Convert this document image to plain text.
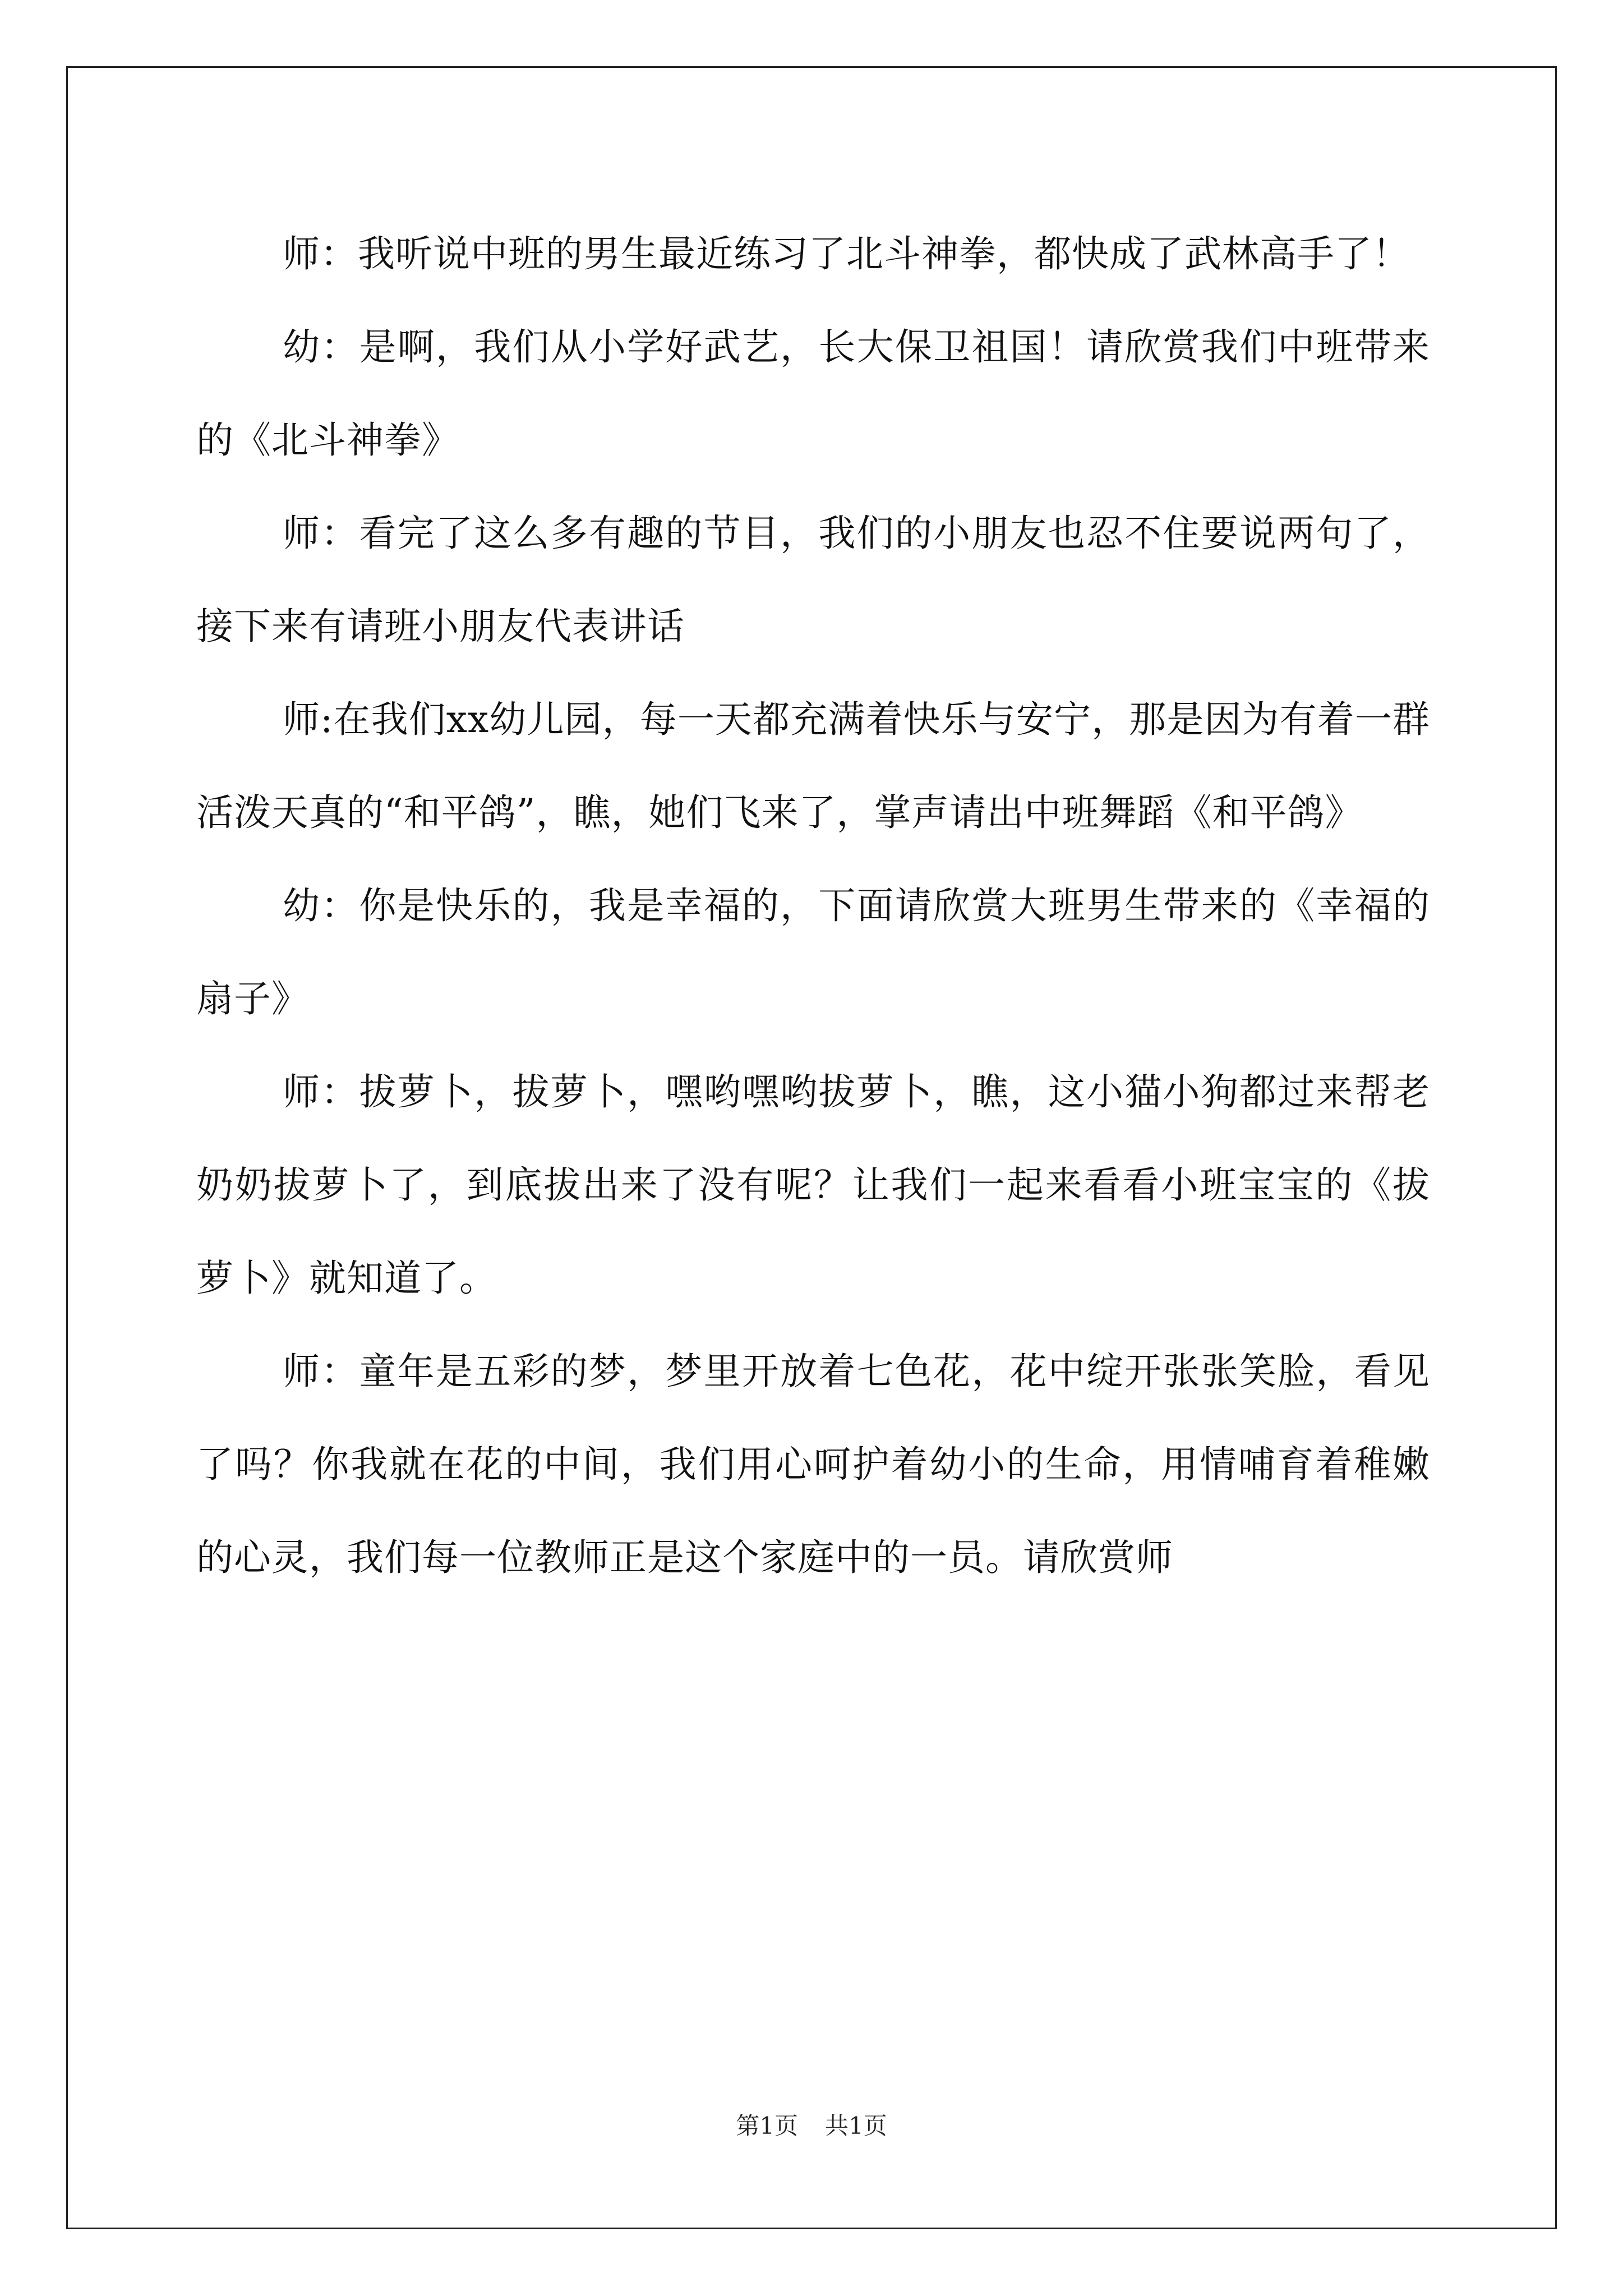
师：我听说中班的男生最近练习了北斗神拳，都快成了武林高手了！

幼：是啊，我们从小学好武艺，长大保卫祖国！请欣赏我们中班带来的《北斗神拳》

师：看完了这么多有趣的节目，我们的小朋友也忍不住要说两句了，接下来有请班小朋友代表讲话

师:在我们xx幼儿园，每一天都充满着快乐与安宁，那是因为有着一群活泼天真的“和平鸽”，瞧，她们飞来了，掌声请出中班舞蹈《和平鸽》

幼：你是快乐的，我是幸福的，下面请欣赏大班男生带来的《幸福的扇子》

师：拔萝卜，拔萝卜，嘿哟嘿哟拔萝卜，瞧，这小猫小狗都过来帮老奶奶拔萝卜了，到底拔出来了没有呢？让我们一起来看看小班宝宝的《拔萝卜》就知道了。

师：童年是五彩的梦，梦里开放着七色花，花中绽开张张笑脸，看见了吗？你我就在花的中间，我们用心呵护着幼小的生命，用情哺育着稚嫩的心灵，我们每一位教师正是这个家庭中的一员。请欣赏师

第1页 共1页
